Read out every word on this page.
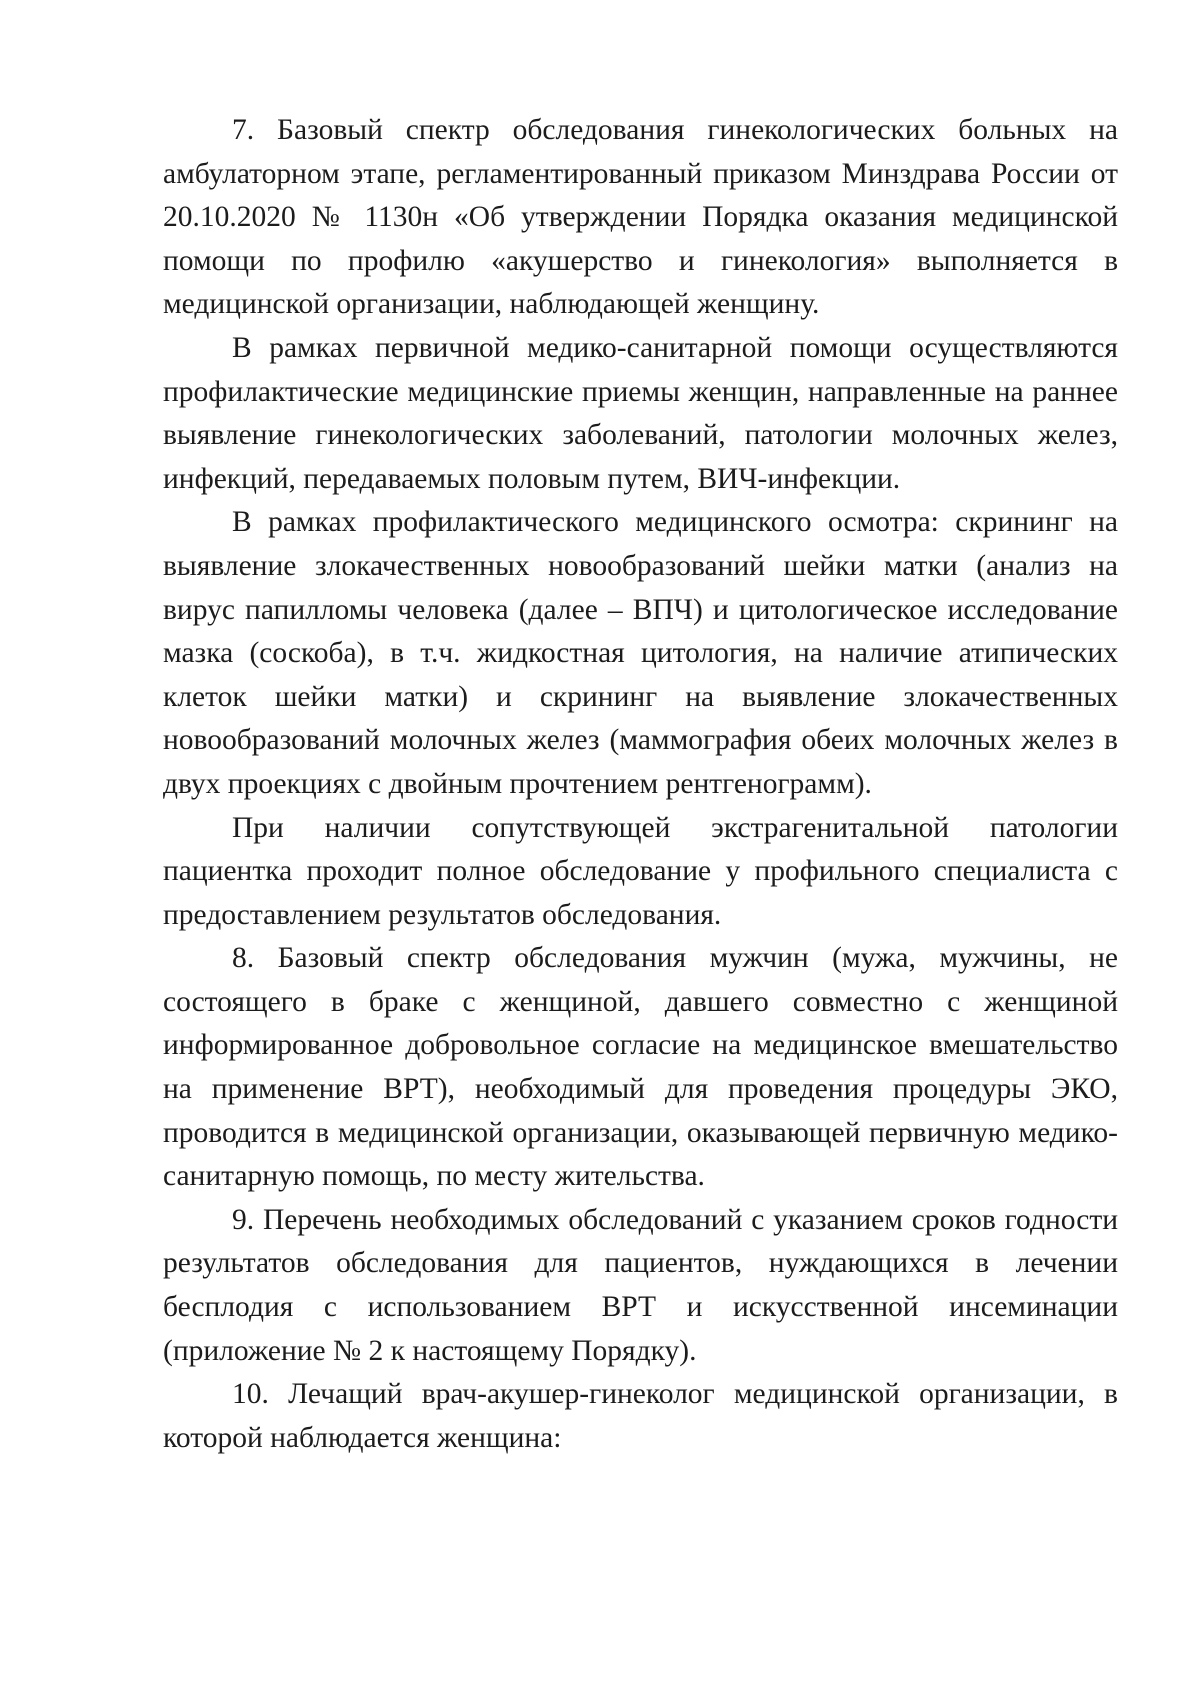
7. Базовый спектр обследования гинекологических больных на амбулаторном этапе, регламентированный приказом Минздрава России от 20.10.2020 № 1130н «Об утверждении Порядка оказания медицинской помощи по профилю «акушерство и гинекология» выполняется в медицинской организации, наблюдающей женщину.

В рамках первичной медико-санитарной помощи осуществляются профилактические медицинские приемы женщин, направленные на раннее выявление гинекологических заболеваний, патологии молочных желез, инфекций, передаваемых половым путем, ВИЧ-инфекции.

В рамках профилактического медицинского осмотра: скрининг на выявление злокачественных новообразований шейки матки (анализ на вирус папилломы человека (далее – ВПЧ) и цитологическое исследование мазка (соскоба), в т.ч. жидкостная цитология, на наличие атипических клеток шейки матки) и скрининг на выявление злокачественных новообразований молочных желез (маммография обеих молочных желез в двух проекциях с двойным прочтением рентгенограмм).

При наличии сопутствующей экстрагенитальной патологии пациентка проходит полное обследование у профильного специалиста с предоставлением результатов обследования.

8. Базовый спектр обследования мужчин (мужа, мужчины, не состоящего в браке с женщиной, давшего совместно с женщиной информированное добровольное согласие на медицинское вмешательство на применение ВРТ), необходимый для проведения процедуры ЭКО, проводится в медицинской организации, оказывающей первичную медико-санитарную помощь, по месту жительства.

9. Перечень необходимых обследований с указанием сроков годности результатов обследования для пациентов, нуждающихся в лечении бесплодия с использованием ВРТ и искусственной инсеминации (приложение № 2 к настоящему Порядку).

10. Лечащий врач-акушер-гинеколог медицинской организации, в которой наблюдается женщина:
